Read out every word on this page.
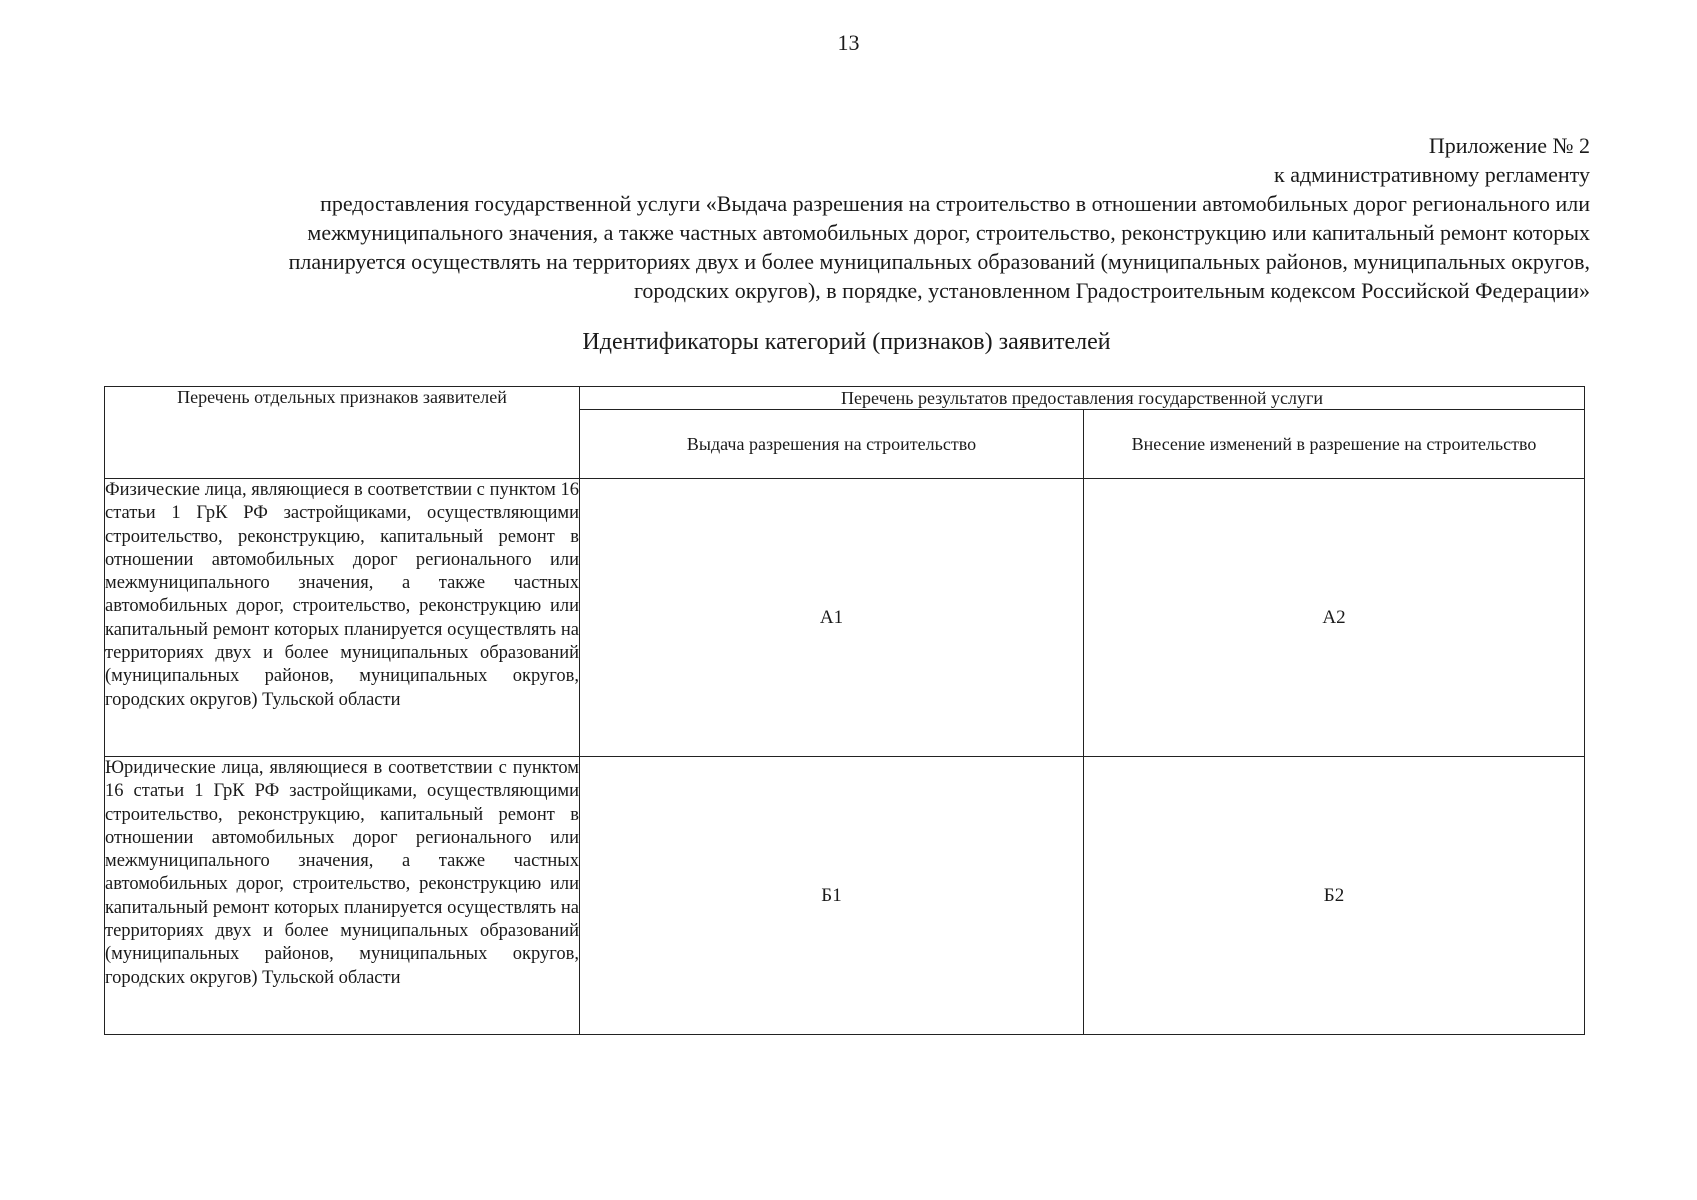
13
Приложение № 2
к административному регламенту
предоставления государственной услуги «Выдача разрешения на строительство в отношении автомобильных дорог регионального или
межмуниципального значения, а также частных автомобильных дорог, строительство, реконструкцию или капитальный ремонт которых
планируется осуществлять на территориях двух и более муниципальных образований (муниципальных районов, муниципальных округов,
городских округов), в порядке, установленном Градостроительным кодексом Российской Федерации»
Идентификаторы категорий (признаков) заявителей
Перечень отдельных признаков заявителей	Перечень результатов предоставления государственной услуги	
	Выдача разрешения на строительство	Внесение изменений в разрешение на строительство
Физические лица, являющиеся в соответствии с пунктом 16 статьи 1 ГрК РФ застройщиками, осуществляющими строительство, реконструкцию, капитальный ремонт в отношении автомобильных дорог регионального или межмуниципального значения, а также частных автомобильных дорог, строительство, реконструкцию или капитальный ремонт которых планируется осуществлять на территориях двух и более муниципальных образований (муниципальных районов, муниципальных округов, городских округов) Тульской области	А1	А2
Юридические лица, являющиеся в соответствии с пунктом 16 статьи 1 ГрК РФ застройщиками, осуществляющими строительство, реконструкцию, капитальный ремонт в отношении автомобильных дорог регионального или межмуниципального значения, а также частных автомобильных дорог, строительство, реконструкцию или капитальный ремонт которых планируется осуществлять на территориях двух и более муниципальных образований (муниципальных районов, муниципальных округов, городских округов) Тульской области	Б1	Б2
